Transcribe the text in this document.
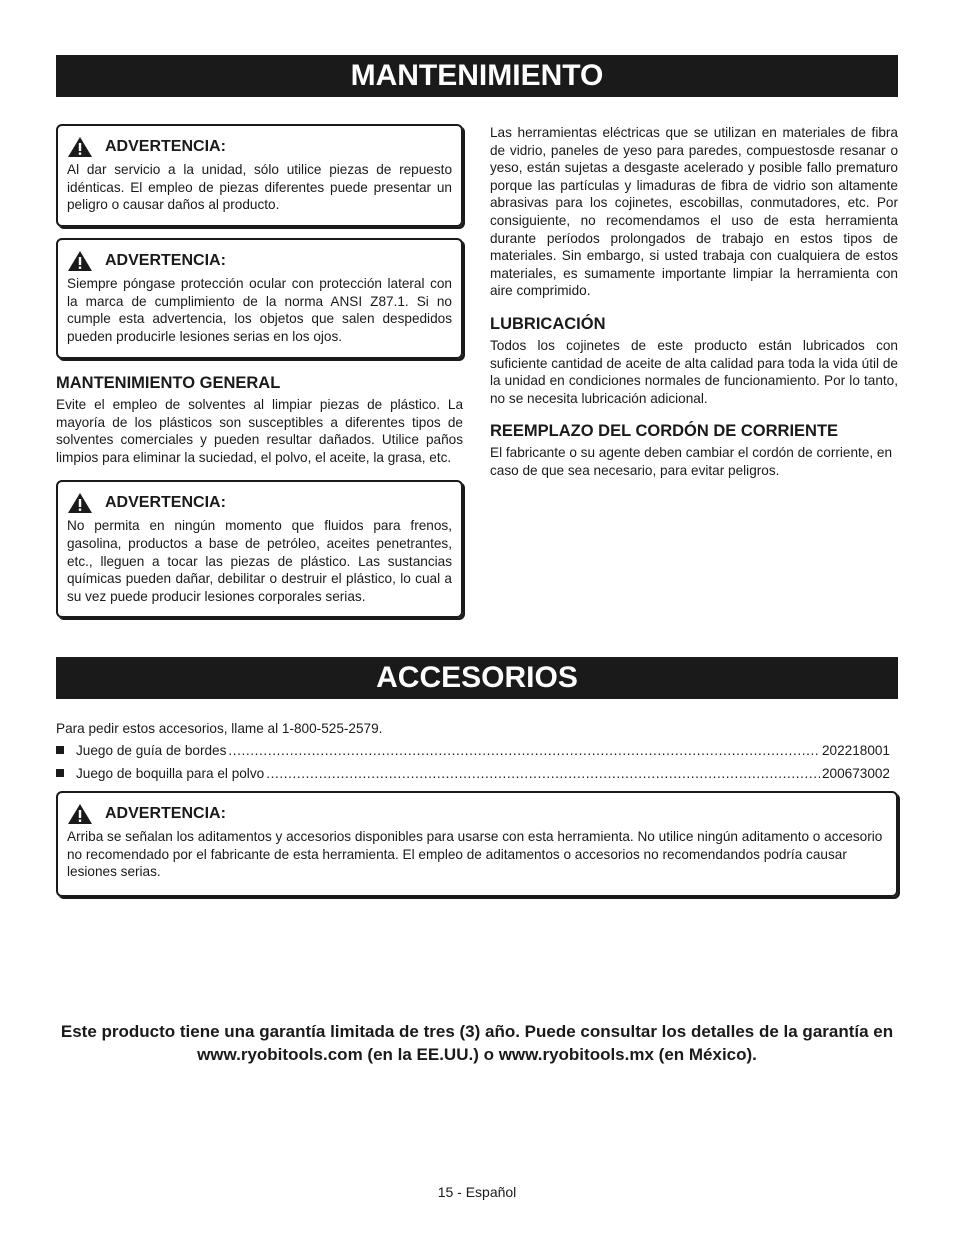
MANTENIMIENTO
ADVERTENCIA:

Al dar servicio a la unidad, sólo utilice piezas de repuesto idénticas. El empleo de piezas diferentes puede presentar un peligro o causar daños al producto.

ADVERTENCIA:

Siempre póngase protección ocular con protección lateral con la marca de cumplimiento de la norma ANSI Z87.1. Si no cumple esta advertencia, los objetos que salen despedidos pueden producirle lesiones serias en los ojos.

MANTENIMIENTO GENERAL

Evite el empleo de solventes al limpiar piezas de plástico. La mayoría de los plásticos son susceptibles a diferentes tipos de solventes comerciales y pueden resultar dañados. Utilice paños limpios para eliminar la suciedad, el polvo, el aceite, la grasa, etc.

ADVERTENCIA:

No permita en ningún momento que fluidos para frenos, gasolina, productos a base de petróleo, aceites penetrantes, etc., lleguen a tocar las piezas de plástico. Las sustancias químicas pueden dañar, debilitar o destruir el plástico, lo cual a su vez puede producir lesiones corporales serias.

Las herramientas eléctricas que se utilizan en materiales de fibra de vidrio, paneles de yeso para paredes, compuestosde resanar o yeso, están sujetas a desgaste acelerado y posible fallo prematuro porque las partículas y limaduras de fibra de vidrio son altamente abrasivas para los cojinetes, escobillas, conmutadores, etc. Por consiguiente, no recomendamos el uso de esta herramienta durante períodos prolongados de trabajo en estos tipos de materiales. Sin embargo, si usted trabaja con cualquiera de estos materiales, es sumamente importante limpiar la herramienta con aire comprimido.

LUBRICACIÓN

Todos los cojinetes de este producto están lubricados con suficiente cantidad de aceite de alta calidad para toda la vida útil de la unidad en condiciones normales de funcionamiento. Por lo tanto, no se necesita lubricación adicional.

REEMPLAZO DEL CORDÓN DE CORRIENTE

El fabricante o su agente deben cambiar el cordón de corriente, en caso de que sea necesario, para evitar peligros.

ACCESORIOS
Para pedir estos accesorios, llame al 1-800-525-2579.
Juego de guía de bordes .....	202218001
Juego de boquilla para el polvo .....	200673002
ADVERTENCIA:

Arriba se señalan los aditamentos y accesorios disponibles para usarse con esta herramienta. No utilice ningún aditamento o accesorio no recomendado por el fabricante de esta herramienta. El empleo de aditamentos o accesorios no recomendandos podría causar lesiones serias.

Este producto tiene una garantía limitada de tres (3) año. Puede consultar los detalles de la garantía en www.ryobitools.com (en la EE.UU.) o www.ryobitools.mx (en México).
15 - Español
